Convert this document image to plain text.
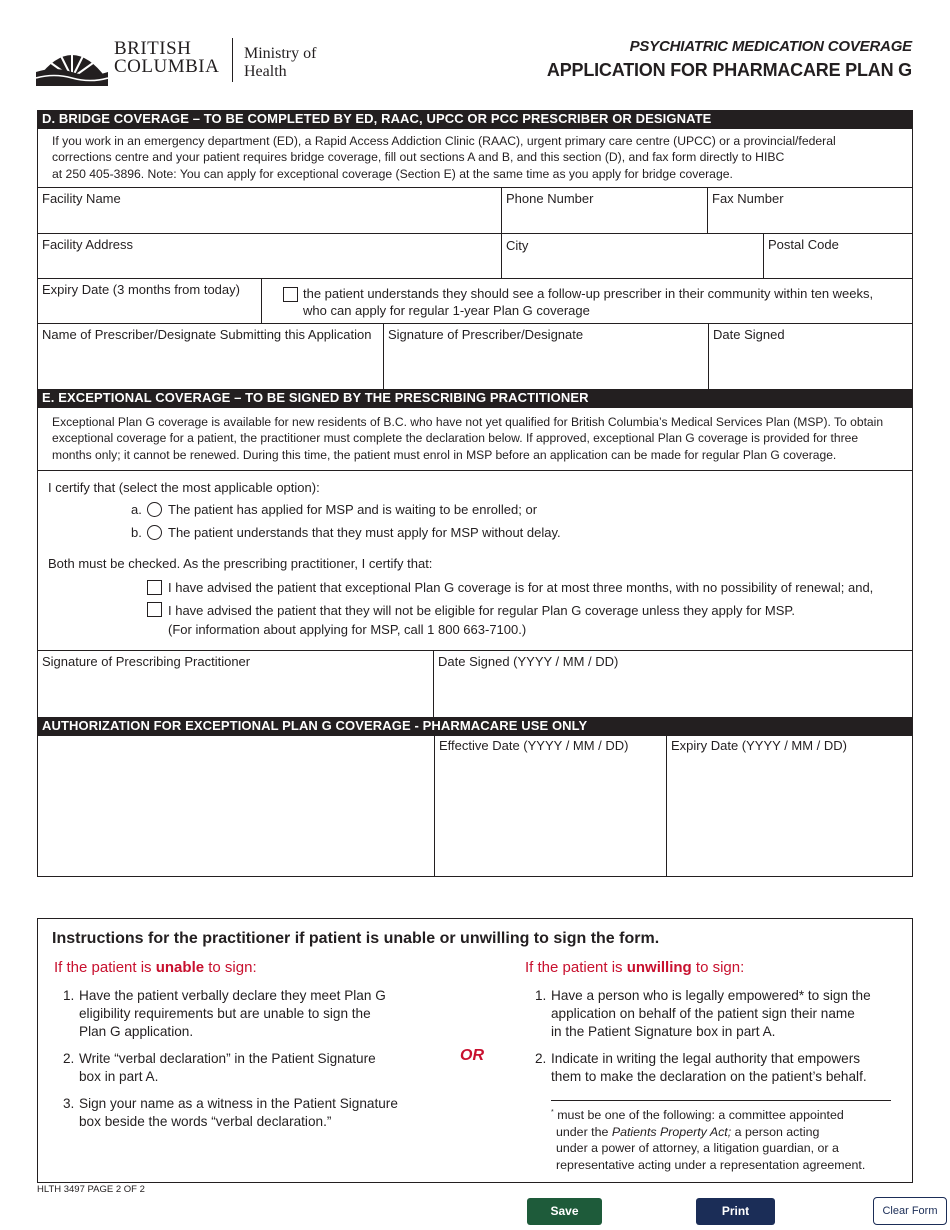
BRITISH
COLUMBIA
Ministry of
Health
PSYCHIATRIC MEDICATION COVERAGE
APPLICATION FOR PHARMACARE PLAN G
D. BRIDGE COVERAGE – TO BE COMPLETED BY ED, RAAC, UPCC OR PCC PRESCRIBER OR DESIGNATE
If you work in an emergency department (ED), a Rapid Access Addiction Clinic (RAAC), urgent primary care centre (UPCC) or a provincial/federal
corrections centre and your patient requires bridge coverage, fill out sections A and B, and this section (D), and fax form directly to HIBC
at 250 405-3896. Note: You can apply for exceptional coverage (Section E) at the same time as you apply for bridge coverage.
Facility Name	Phone Number	Fax Number
Facility Address	City	Postal Code
Expiry Date (3 months from today)	the patient understands they should see a follow-up prescriber in their community within ten weeks,
who can apply for regular 1-year Plan G coverage
Name of Prescriber/Designate Submitting this Application	Signature of Prescriber/Designate	Date Signed
E. EXCEPTIONAL COVERAGE – TO BE SIGNED BY THE PRESCRIBING PRACTITIONER
Exceptional Plan G coverage is available for new residents of B.C. who have not yet qualified for British Columbia’s Medical Services Plan (MSP). To obtain
exceptional coverage for a patient, the practitioner must complete the declaration below. If approved, exceptional Plan G coverage is provided for three
months only; it cannot be renewed. During this time, the patient must enrol in MSP before an application can be made for regular Plan G coverage.
I certify that (select the most applicable option):
a. The patient has applied for MSP and is waiting to be enrolled; or
b. The patient understands that they must apply for MSP without delay.
Both must be checked. As the prescribing practitioner, I certify that:
I have advised the patient that exceptional Plan G coverage is for at most three months, with no possibility of renewal; and,
I have advised the patient that they will not be eligible for regular Plan G coverage unless they apply for MSP.
(For information about applying for MSP, call 1 800 663-7100.)
Signature of Prescribing Practitioner	Date Signed (YYYY / MM / DD)
AUTHORIZATION FOR EXCEPTIONAL PLAN G COVERAGE - PHARMACARE USE ONLY
Effective Date (YYYY / MM / DD)	Expiry Date (YYYY / MM / DD)
Instructions for the practitioner if patient is unable or unwilling to sign the form.
If the patient is unable to sign:
1. Have the patient verbally declare they meet Plan G
eligibility requirements but are unable to sign the
Plan G application.
2. Write “verbal declaration” in the Patient Signature
box in part A.
3. Sign your name as a witness in the Patient Signature
box beside the words “verbal declaration.”
OR
If the patient is unwilling to sign:
1. Have a person who is legally empowered* to sign the
application on behalf of the patient sign their name
in the Patient Signature box in part A.
2. Indicate in writing the legal authority that empowers
them to make the declaration on the patient’s behalf.
* must be one of the following: a committee appointed
under the Patients Property Act; a person acting
under a power of attorney, a litigation guardian, or a
representative acting under a representation agreement.
HLTH 3497 PAGE 2 OF 2
Save	Print	Clear Form
